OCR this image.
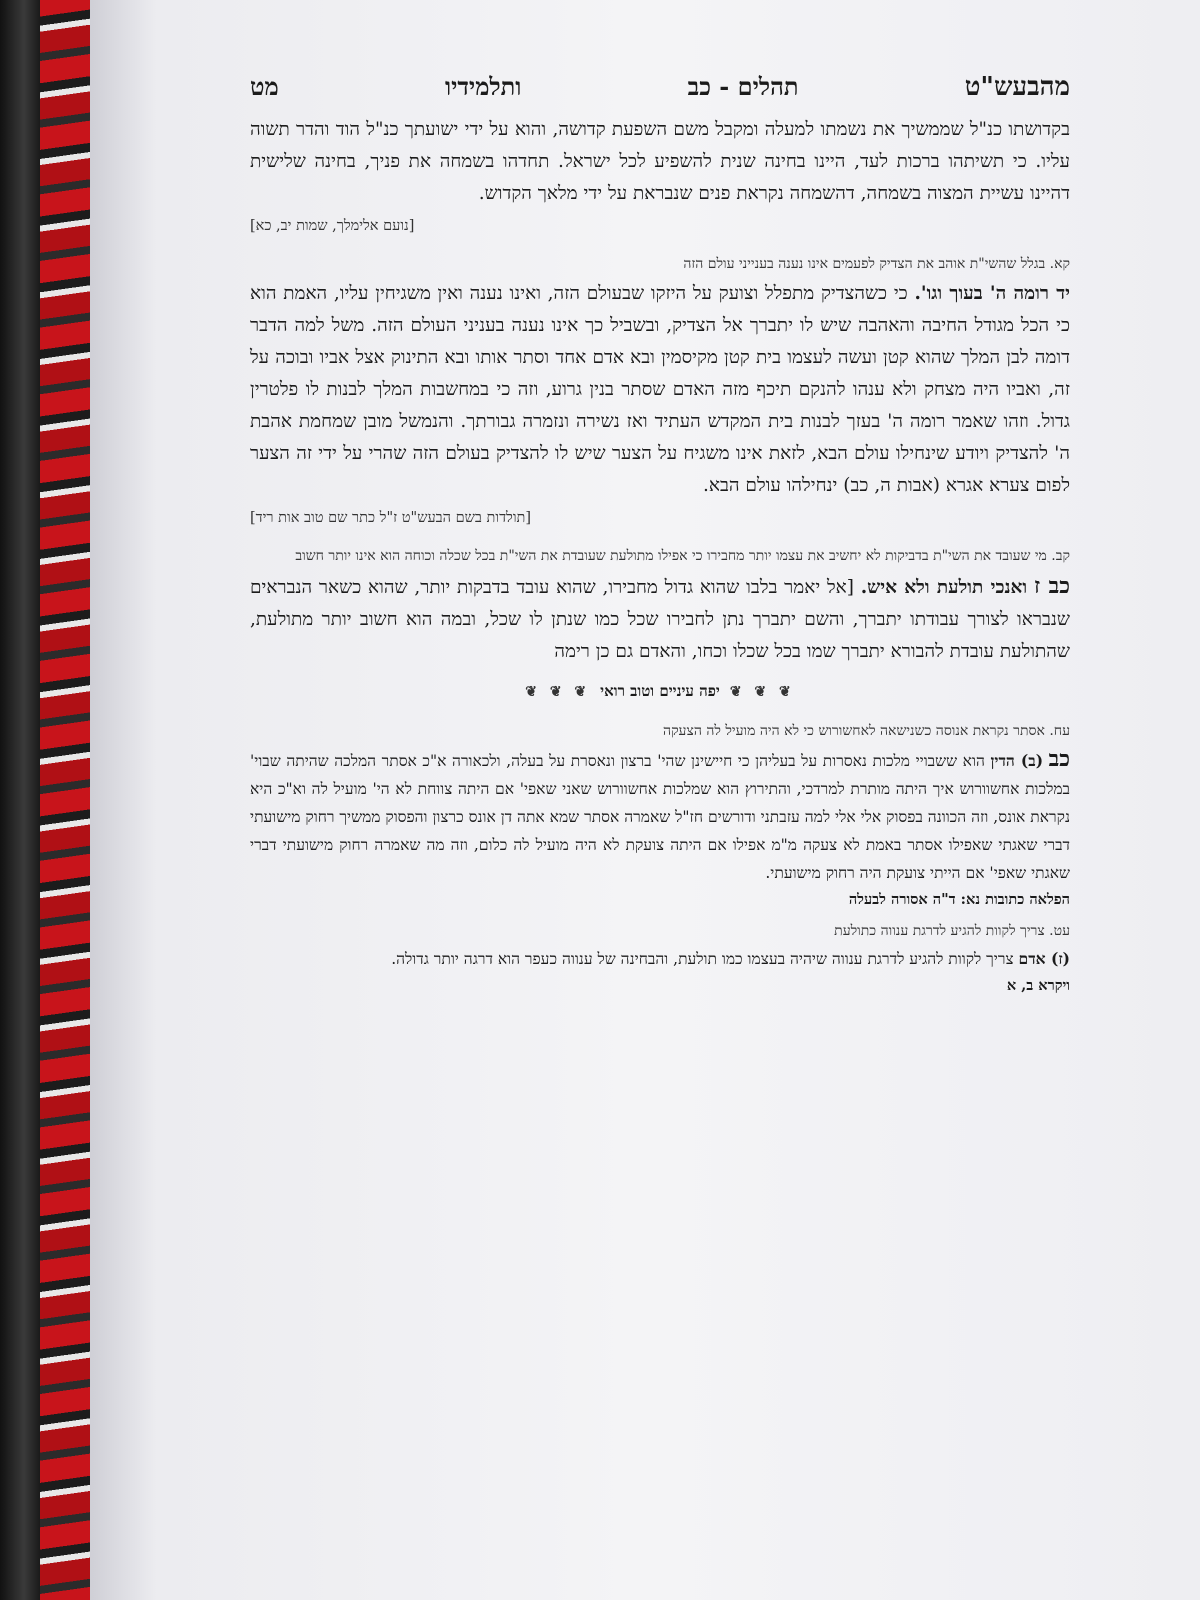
מהבעש"ט
תהלים - כב
ותלמידיו
מט

בקדושתו כנ"ל שממשיך את נשמתו למעלה ומקבל משם השפעת קדושה, והוא על ידי ישועתך כנ"ל הוד והדר תשוה עליו. כי תשיתהו ברכות לעד, היינו בחינה שנית להשפיע לכל ישראל. תחדהו בשמחה את פניך, בחינה שלישית דהיינו עשיית המצוה בשמחה, דהשמחה נקראת פנים שנבראת על ידי מלאך הקדוש.

[נועם אלימלך, שמות יב, כא]
קא. בגלל שהשי"ת אוהב את הצדיק לפעמים אינו נענה בענייני עולם הזה

יד רומה ה' בעוך וגו'. כי כשהצדיק מתפלל וצועק על היזקו שבעולם הזה, ואינו נענה ואין משגיחין עליו, האמת הוא כי הכל מגודל החיבה והאהבה שיש לו יתברך אל הצדיק, ובשביל כך אינו נענה בעניני העולם הזה. משל למה הדבר דומה לבן המלך שהוא קטן ועשה לעצמו בית קטן מקיסמין ובא אדם אחד וסתר אותו ובא התינוק אצל אביו ובוכה על זה, ואביו היה מצחק ולא ענהו להנקם תיכף מזה האדם שסתר בנין גרוע, וזה כי במחשבות המלך לבנות לו פלטרין גדול. וזהו שאמר רומה ה' בעזך לבנות בית המקדש העתיד ואז נשירה ונזמרה גבורתך. והנמשל מובן שמחמת אהבת ה' להצדיק ויודע שינחילו עולם הבא, לזאת אינו משגיח על הצער שיש לו להצדיק בעולם הזה שהרי על ידי זה הצער לפום צערא אגרא (אבות ה, כב) ינחילהו עולם הבא.

[תולדות בשם הבעש"ט ז"ל כתר שם טוב אות ריד]
קב. מי שעובד את השי"ת בדביקות לא יחשיב את עצמו יותר מחבירו כי אפילו מתולעת שעובדת את השי"ת בכל שכלה וכוחה הוא אינו יותר חשוב

כב ז ואנכי תולעת ולא איש. [אל יאמר בלבו שהוא גדול מחבירו, שהוא עובד בדבקות יותר, שהוא כשאר הנבראים שנבראו לצורך עבודתו יתברך, והשם יתברך נתן לחבירו שכל כמו שנתן לו שכל, ובמה הוא חשוב יותר מתולעת, שהתולעת עובדת להבורא יתברך שמו בכל שכלו וכחו, והאדם גם כן רימה

❦ ❦ ❦
יפה עיניים וטוב רואי
❦ ❦ ❦
עח. אסתר נקראת אנוסה כשנישאה לאחשורוש כי לא היה מועיל לה הצעקה

כב (ב) הדין הוא ששבויי מלכות נאסרות על בעליהן כי חיישינן שהי' ברצון ונאסרת על בעלה, ולכאורה א"כ אסתר המלכה שהיתה שבוי' במלכות אחשוורוש איך היתה מותרת למרדכי, והתירוץ הוא שמלכות אחשוורוש שאני שאפי' אם היתה צווחת לא הי' מועיל לה וא"כ היא נקראת אונס, וזה הכוונה בפסוק אלי אלי למה עזבתני ודורשים חז"ל שאמרה אסתר שמא אתה דן אונס כרצון והפסוק ממשיך רחוק מישועתי דברי שאגתי שאפילו אסתר באמת לא צעקה מ"מ אפילו אם היתה צועקת לא היה מועיל לה כלום, וזה מה שאמרה רחוק מישועתי דברי שאגתי שאפי' אם הייתי צועקת היה רחוק מישועתי.

הפלאה כתובות נא: ד"ה אסורה לבעלה
עט. צריך לקוות להגיע לדרגת ענווה כתולעת

(ז) אדם צריך לקוות להגיע לדרגת ענווה שיהיה בעצמו כמו תולעת, והבחינה של ענווה כעפר הוא דרגה יותר גדולה.

ויקרא ב, א
